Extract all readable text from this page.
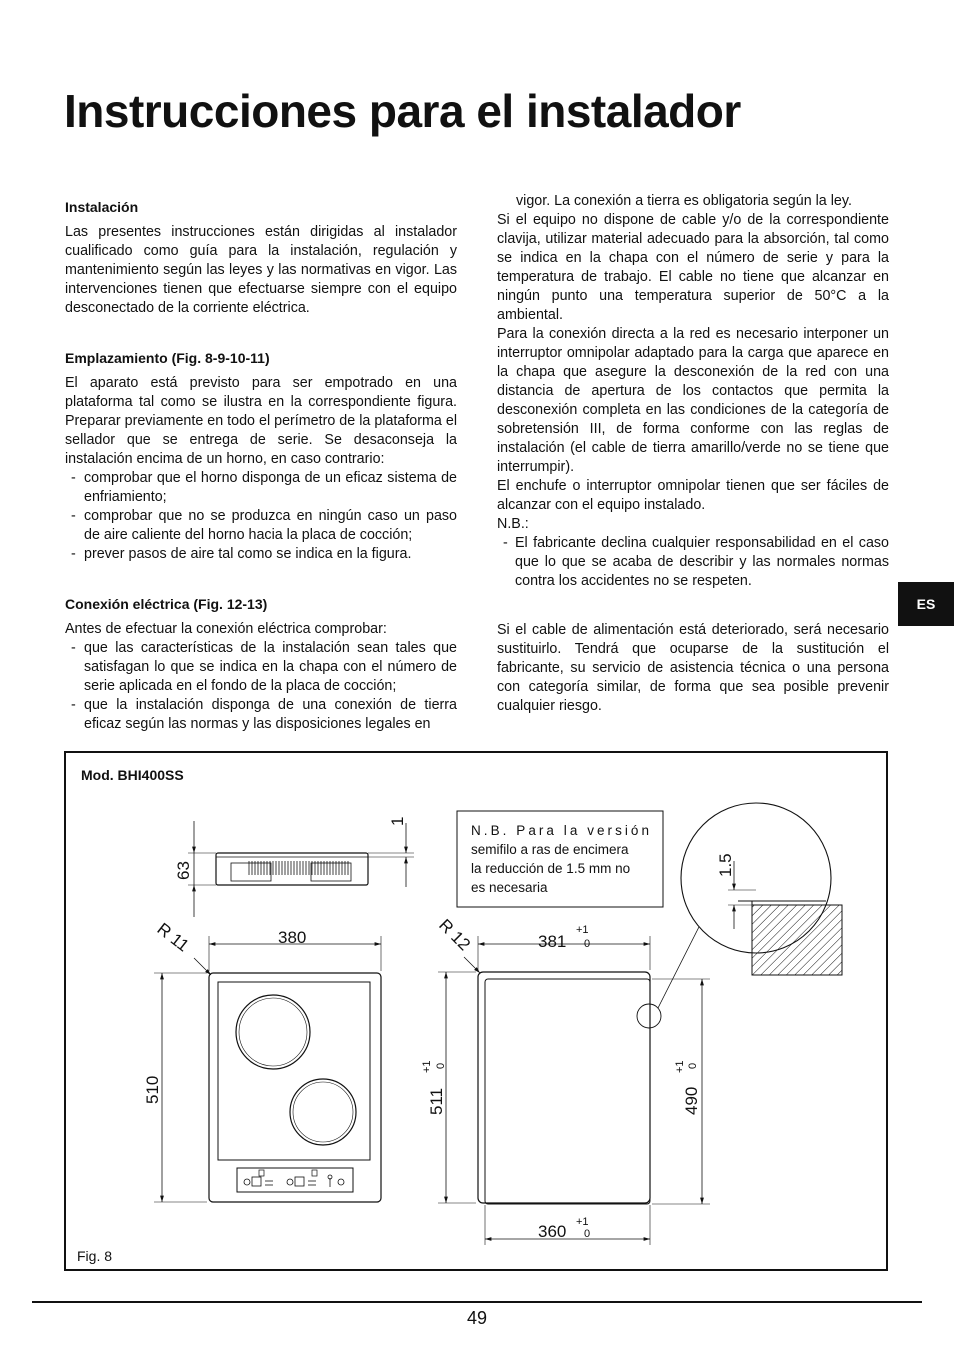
Instrucciones para el instalador
Instalación

Las presentes instrucciones están dirigidas al instalador cualificado como guía para la instalación, regulación y mantenimiento según las leyes y las normativas en vigor. Las intervenciones tienen que efectuarse siempre con el equipo desconectado de la corriente eléctrica.

Emplazamiento (Fig. 8-9-10-11)

El aparato está previsto para ser empotrado en una plataforma tal como se ilustra en la correspondiente figura. Preparar previamente en todo el perímetro de la plataforma el sellador que se entrega de serie. Se desaconseja la instalación encima de un horno, en caso contrario:

- comprobar que el horno disponga de un eficaz sistema de enfriamiento;
- comprobar que no se produzca en ningún caso un paso de aire caliente del horno hacia la placa de cocción;
- prever pasos de aire tal como se indica en la figura.
Conexión eléctrica (Fig. 12-13)

Antes de efectuar la conexión eléctrica comprobar:

- que las características de la instalación sean tales que satisfagan lo que se indica en la chapa con el número de serie aplicada en el fondo de la placa de cocción;
- que la instalación disponga de una conexión de tierra eficaz según las normas y las disposiciones legales en

vigor. La conexión a tierra es obligatoria según la ley.

Si el equipo no dispone de cable y/o de la correspondiente clavija, utilizar material adecuado para la absorción, tal como se indica en la chapa con el número de serie y para la temperatura de trabajo. El cable no tiene que alcanzar en ningún punto una temperatura superior de 50°C a la ambiental.

Para la conexión directa a la red es necesario interponer un interruptor omnipolar adaptado para la carga que aparece en la chapa que asegure la desconexión de la red con una distancia de apertura de los contactos que permita la desconexión completa en las condiciones de la categoría de sobretensión III, de forma conforme con las reglas de instalación (el cable de tierra amarillo/verde no se tiene que interrumpir).

El enchufe o interruptor omnipolar tienen que ser fáciles de alcanzar con el equipo instalado.

N.B.:

- El fabricante declina cualquier responsabilidad en el caso que lo que se acaba de describir y las normales normas contra los accidentes no se respeten.

Si el cable de alimentación está deteriorado, será necesario sustituirlo. Tendrá que ocuparse de la sustitución el fabricante, su servicio de asistencia técnica o una persona con categoría similar, de forma que sea posible prevenir cualquier riesgo.

ES
Mod. BHI400SS
Fig. 8
63
1
380
510
R 11
N.B. Para la versión
semifilo a ras de encimera
la reducción de 1.5 mm no
es necesaria
381
+1
0
511
+1 0
490
+1 0
360 +1
0
R 12
1.5
49
